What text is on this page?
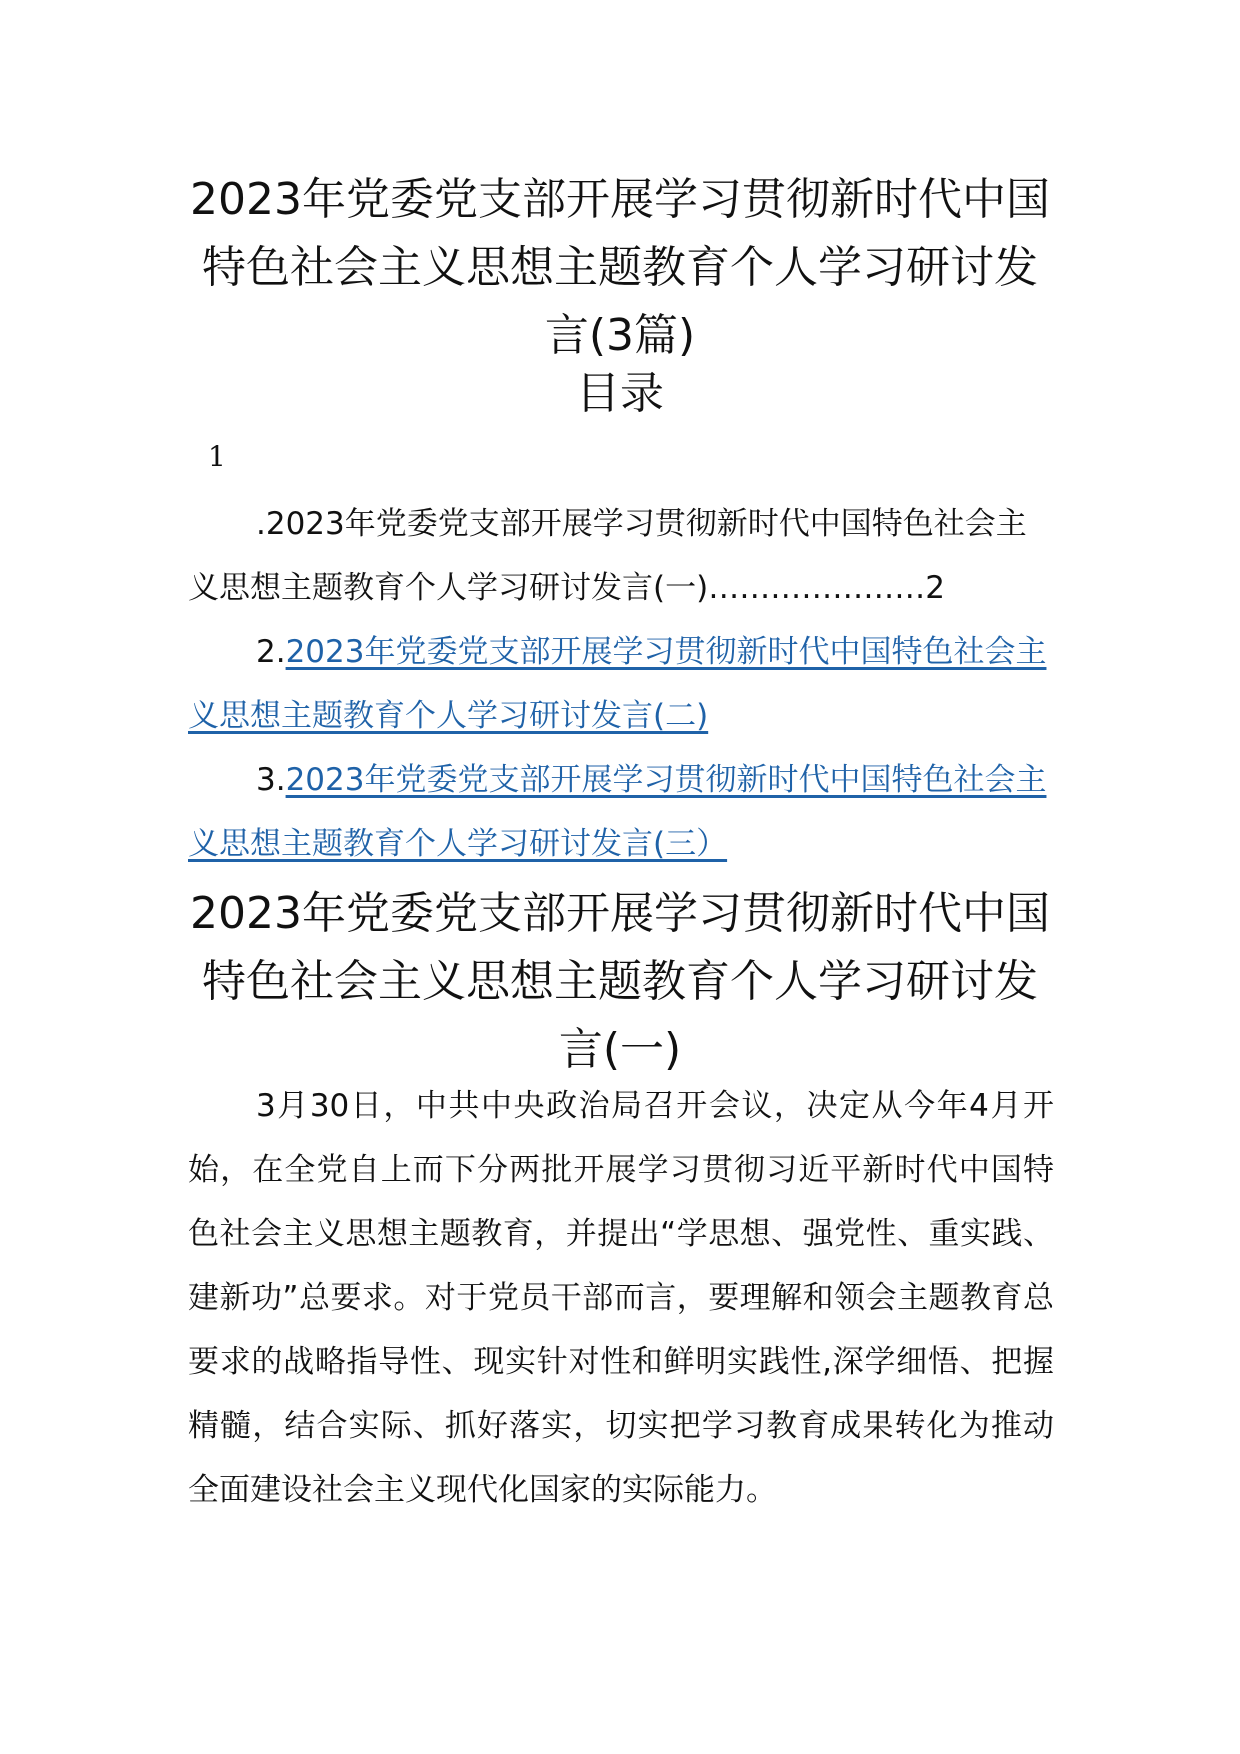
2023年党委党支部开展学习贯彻新时代中国特色社会主义思想主题教育个人学习研讨发言(3篇)
目录
1
.2023年党委党支部开展学习贯彻新时代中国特色社会主义思想主题教育个人学习研讨发言(一)…………………2
2.2023年党委党支部开展学习贯彻新时代中国特色社会主义思想主题教育个人学习研讨发言(二)
3.2023年党委党支部开展学习贯彻新时代中国特色社会主义思想主题教育个人学习研讨发言(三）
2023年党委党支部开展学习贯彻新时代中国特色社会主义思想主题教育个人学习研讨发言(一)

3月30日，中共中央政治局召开会议，决定从今年4月开始，在全党自上而下分两批开展学习贯彻习近平新时代中国特色社会主义思想主题教育，并提出“学思想、强党性、重实践、建新功”总要求。对于党员干部而言，要理解和领会主题教育总要求的战略指导性、现实针对性和鲜明实践性,深学细悟、把握精髓，结合实际、抓好落实，切实把学习教育成果转化为推动全面建设社会主义现代化国家的实际能力。
